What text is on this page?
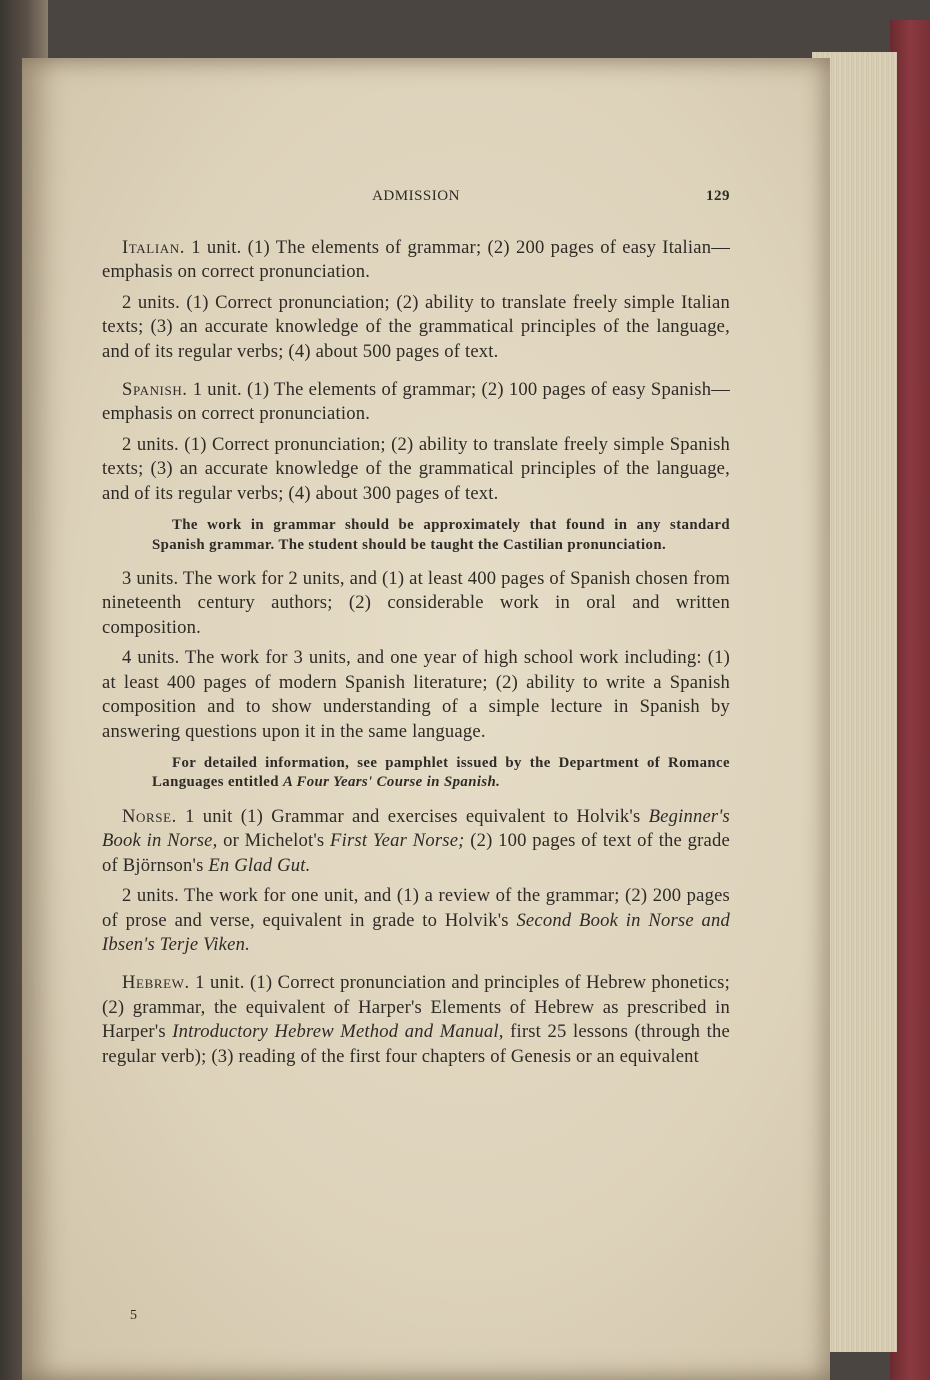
ADMISSION	129

Italian. 1 unit. (1) The elements of grammar; (2) 200 pages of easy Italian—emphasis on correct pronunciation.

2 units. (1) Correct pronunciation; (2) ability to translate freely simple Italian texts; (3) an accurate knowledge of the grammatical principles of the language, and of its regular verbs; (4) about 500 pages of text.

Spanish. 1 unit. (1) The elements of grammar; (2) 100 pages of easy Spanish—emphasis on correct pronunciation.

2 units. (1) Correct pronunciation; (2) ability to translate freely simple Spanish texts; (3) an accurate knowledge of the grammatical principles of the language, and of its regular verbs; (4) about 300 pages of text.

The work in grammar should be approximately that found in any standard Spanish grammar. The student should be taught the Castilian pronunciation.

3 units. The work for 2 units, and (1) at least 400 pages of Spanish chosen from nineteenth century authors; (2) considerable work in oral and written composition.

4 units. The work for 3 units, and one year of high school work including: (1) at least 400 pages of modern Spanish literature; (2) ability to write a Spanish composition and to show understanding of a simple lecture in Spanish by answering questions upon it in the same language.

For detailed information, see pamphlet issued by the Department of Romance Languages entitled A Four Years' Course in Spanish.

Norse. 1 unit (1) Grammar and exercises equivalent to Holvik's Beginner's Book in Norse, or Michelot's First Year Norse; (2) 100 pages of text of the grade of Björnson's En Glad Gut.

2 units. The work for one unit, and (1) a review of the grammar; (2) 200 pages of prose and verse, equivalent in grade to Holvik's Second Book in Norse and Ibsen's Terje Viken.

Hebrew. 1 unit. (1) Correct pronunciation and principles of Hebrew phonetics; (2) grammar, the equivalent of Harper's Elements of Hebrew as prescribed in Harper's Introductory Hebrew Method and Manual, first 25 lessons (through the regular verb); (3) reading of the first four chapters of Genesis or an equivalent

5
